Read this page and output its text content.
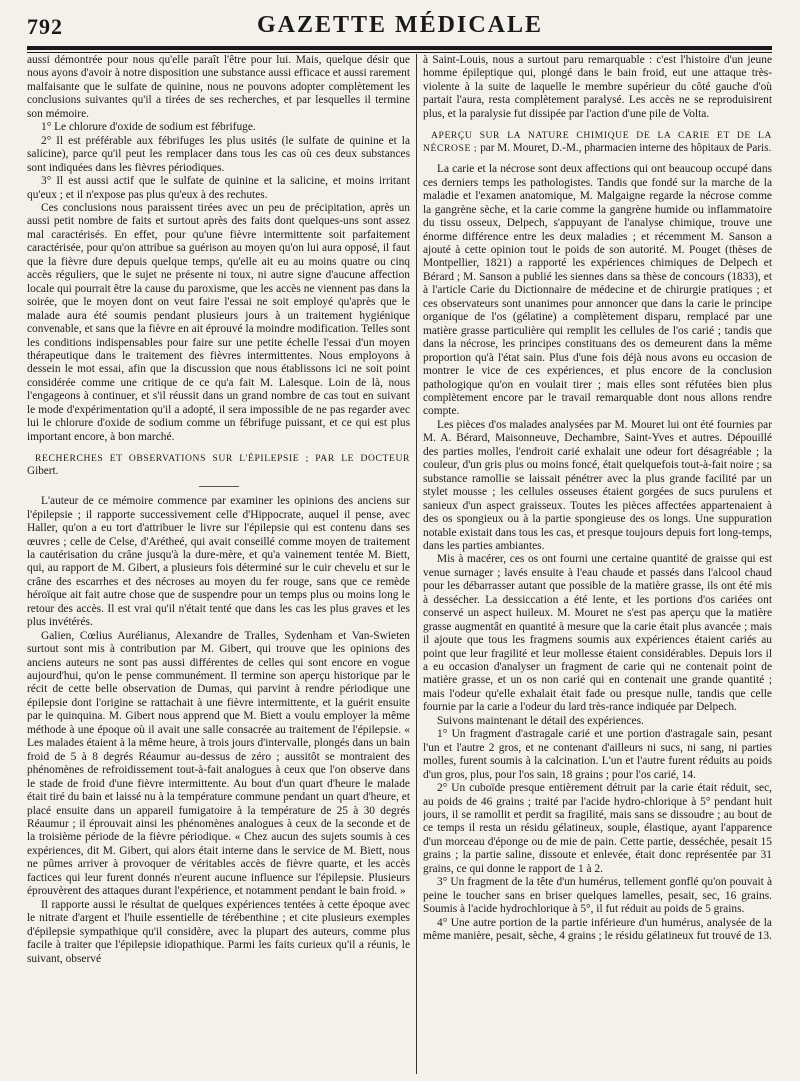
792	GAZETTE MÉDICALE

aussi démontrée pour nous qu'elle paraît l'être pour lui. Mais, quelque désir que nous ayons d'avoir à notre disposition une substance aussi efficace et aussi rarement malfaisante que le sulfate de quinine, nous ne pouvons adopter complètement les conclusions suivantes qu'il a tirées de ses recherches, et par lesquelles il termine son mémoire.

1° Le chlorure d'oxide de sodium est fébrifuge.

2° Il est préférable aux fébrifuges les plus usités (le sulfate de quinine et la salicine), parce qu'il peut les remplacer dans tous les cas où ces deux substances sont indiquées dans les fièvres périodiques.

3° Il est aussi actif que le sulfate de quinine et la salicine, et moins irritant qu'eux ; et il n'expose pas plus qu'eux à des rechutes.

Ces conclusions nous paraissent tirées avec un peu de précipitation, après un aussi petit nombre de faits et surtout après des faits dont quelques-uns sont assez mal caractérisés. En effet, pour qu'une fièvre intermittente soit parfaitement caractérisée, pour qu'on attribue sa guérison au moyen qu'on lui aura opposé, il faut que la fièvre dure depuis quelque temps, qu'elle ait eu au moins quatre ou cinq accès réguliers, que le sujet ne présente ni toux, ni autre signe d'aucune affection locale qui pourrait être la cause du paroxisme, que les accès ne viennent pas dans la soirée, que le moyen dont on veut faire l'essai ne soit employé qu'après que le malade aura été soumis pendant plusieurs jours à un traitement hygiénique convenable, et sans que la fièvre en ait éprouvé la moindre modification. Telles sont les conditions indispensables pour faire sur une petite échelle l'essai d'un moyen thérapeutique dans le traitement des fièvres intermittentes. Nous employons à dessein le mot essai, afin que la discussion que nous établissons ici ne soit point considérée comme une critique de ce qu'a fait M. Lalesque. Loin de là, nous l'engageons à continuer, et s'il réussit dans un grand nombre de cas tout en suivant le mode d'expérimentation qu'il a adopté, il sera impossible de ne pas regarder avec lui le chlorure d'oxide de sodium comme un fébrifuge puissant, et ce qui est plus important encore, à bon marché.

RECHERCHES ET OBSERVATIONS SUR L'ÉPILEPSIE ; PAR LE DOCTEUR Gibert.

L'auteur de ce mémoire commence par examiner les opinions des anciens sur l'épilepsie ; il rapporte successivement celle d'Hippocrate, auquel il pense, avec Haller, qu'on a eu tort d'attribuer le livre sur l'épilepsie qui est contenu dans ses œuvres ; celle de Celse, d'Arétheé, qui avait conseillé comme moyen de traitement la cautérisation du crâne jusqu'à la dure-mère, et qu'a vainement tentée M. Biett, qui, au rapport de M. Gibert, a plusieurs fois déterminé sur le cuir chevelu et sur le crâne des escarrhes et des nécroses au moyen du fer rouge, sans que ce remède héroïque ait fait autre chose que de suspendre pour un temps plus ou moins long le retour des accès. Il est vrai qu'il n'était tenté que dans les cas les plus graves et les plus invétérés.

Galien, Cœlius Aurélianus, Alexandre de Tralles, Sydenham et Van-Swieten surtout sont mis à contribution par M. Gibert, qui trouve que les opinions des anciens auteurs ne sont pas aussi différentes de celles qui sont encore en vogue aujourd'hui, qu'on le pense communément. Il termine son aperçu historique par le récit de cette belle observation de Dumas, qui parvint à rendre périodique une épilepsie dont l'origine se rattachait à une fièvre intermittente, et la guérit ensuite par le quinquina. M. Gibert nous apprend que M. Biett a voulu employer la même méthode à une époque où il avait une salle consacrée au traitement de l'épilepsie. « Les malades étaient à la même heure, à trois jours d'intervalle, plongés dans un bain froid de 5 à 8 degrés Réaumur au-dessus de zéro ; aussitôt se montraient des phénomènes de refroidissement tout-à-fait analogues à ceux que l'on observe dans le stade de froid d'une fièvre intermittente. Au bout d'un quart d'heure le malade était tiré du bain et laissé nu à la température commune pendant un quart d'heure, et placé ensuite dans un appareil fumigatoire à la température de 25 à 30 degrés Réaumur ; il éprouvait ainsi les phénomènes analogues à ceux de la seconde et de la troisième période de la fièvre périodique. « Chez aucun des sujets soumis à ces expériences, dit M. Gibert, qui alors était interne dans le service de M. Biett, nous ne pûmes arriver à provoquer de véritables accès de fièvre quarte, et les accès factices qui leur furent donnés n'eurent aucune influence sur l'épilepsie. Plusieurs éprouvèrent des attaques durant l'expérience, et notamment pendant le bain froid. »

Il rapporte aussi le résultat de quelques expériences tentées à cette époque avec le nitrate d'argent et l'huile essentielle de térébenthine ; et cite plusieurs exemples d'épilepsie sympathique qu'il considère, avec la plupart des auteurs, comme plus facile à traiter que l'épilepsie idiopathique. Parmi les faits curieux qu'il a réunis, le suivant, observé

à Saint-Louis, nous a surtout paru remarquable : c'est l'histoire d'un jeune homme épileptique qui, plongé dans le bain froid, eut une attaque très-violente à la suite de laquelle le membre supérieur du côté gauche d'où partait l'aura, resta complètement paralysé. Les accès ne se reproduisirent plus, et la paralysie fut dissipée par l'action d'une pile de Volta.

APERÇU SUR LA NATURE CHIMIQUE DE LA CARIE ET DE LA NÉCROSE ; par M. Mouret, D.-M., pharmacien interne des hôpitaux de Paris.

La carie et la nécrose sont deux affections qui ont beaucoup occupé dans ces derniers temps les pathologistes. Tandis que fondé sur la marche de la maladie et l'examen anatomique, M. Malgaigne regarde la nécrose comme la gangrène sèche, et la carie comme la gangrène humide ou inflammatoire du tissu osseux, Delpech, s'appuyant de l'analyse chimique, trouve une énorme différence entre les deux maladies ; et récemment M. Sanson a ajouté à cette opinion tout le poids de son autorité. M. Pouget (thèses de Montpellier, 1821) a rapporté les expériences chimiques de Delpech et Bérard ; M. Sanson a publié les siennes dans sa thèse de concours (1833), et à l'article Carie du Dictionnaire de médecine et de chirurgie pratiques ; et ces observateurs sont unanimes pour annoncer que dans la carie le principe organique de l'os (gélatine) a complètement disparu, remplacé par une matière grasse particulière qui remplit les cellules de l'os carié ; tandis que dans la nécrose, les principes constituans des os demeurent dans la même proportion qu'à l'état sain. Plus d'une fois déjà nous avons eu occasion de montrer le vice de ces expériences, et plus encore de la conclusion pathologique qu'on en voulait tirer ; mais elles sont réfutées bien plus complètement encore par le travail remarquable dont nous allons rendre compte.

Les pièces d'os malades analysées par M. Mouret lui ont été fournies par M. A. Bérard, Maisonneuve, Dechambre, Saint-Yves et autres. Dépouillé des parties molles, l'endroit carié exhalait une odeur fort désagréable ; la couleur, d'un gris plus ou moins foncé, était quelquefois tout-à-fait noire ; sa substance ramollie se laissait pénétrer avec la plus grande facilité par un stylet mousse ; les cellules osseuses étaient gorgées de sucs purulens et sanieux d'un aspect graisseux. Toutes les pièces affectées appartenaient à des os spongieux ou à la partie spongieuse des os longs. Une suppuration notable existait dans tous les cas, et presque toujours depuis fort long-temps, dans les parties ambiantes.

Mis à macérer, ces os ont fourni une certaine quantité de graisse qui est venue surnager ; lavés ensuite à l'eau chaude et passés dans l'alcool chaud pour les débarrasser autant que possible de la matière grasse, ils ont été mis à dessécher. La dessiccation a été lente, et les portions d'os cariées ont conservé un aspect huileux. M. Mouret ne s'est pas aperçu que la matière grasse augmentât en quantité à mesure que la carie était plus avancée ; mais il ajoute que tous les fragmens soumis aux expériences étaient cariés au point que leur fragilité et leur mollesse étaient considérables. Depuis lors il a eu occasion d'analyser un fragment de carie qui ne contenait point de matière grasse, et un os non carié qui en contenait une grande quantité ; mais l'odeur qu'elle exhalait était fade ou presque nulle, tandis que celle fournie par la carie a l'odeur du lard très-rance indiquée par Delpech.

Suivons maintenant le détail des expériences.

1° Un fragment d'astragale carié et une portion d'astragale sain, pesant l'un et l'autre 2 gros, et ne contenant d'ailleurs ni sucs, ni sang, ni parties molles, furent soumis à la calcination. L'un et l'autre furent réduits au poids d'un gros, plus, pour l'os sain, 18 grains ; pour l'os carié, 14.

2° Un cuboïde presque entièrement détruit par la carie était réduit, sec, au poids de 46 grains ; traité par l'acide hydro-chlorique à 5° pendant huit jours, il se ramollit et perdit sa fragilité, mais sans se dissoudre ; au bout de ce temps il resta un résidu gélatineux, souple, élastique, ayant l'apparence d'un morceau d'éponge ou de mie de pain. Cette partie, desséchée, pesait 15 grains ; la partie saline, dissoute et enlevée, était donc représentée par 31 grains, ce qui donne le rapport de 1 à 2.

3° Un fragment de la tête d'un humérus, tellement gonflé qu'on pouvait à peine le toucher sans en briser quelques lamelles, pesait, sec, 16 grains. Soumis à l'acide hydrochlorique à 5°, il fut réduit au poids de 5 grains.

4° Une autre portion de la partie inférieure d'un humérus, analysée de la même manière, pesait, sèche, 4 grains ; le résidu gélatineux fut trouvé de 13.
